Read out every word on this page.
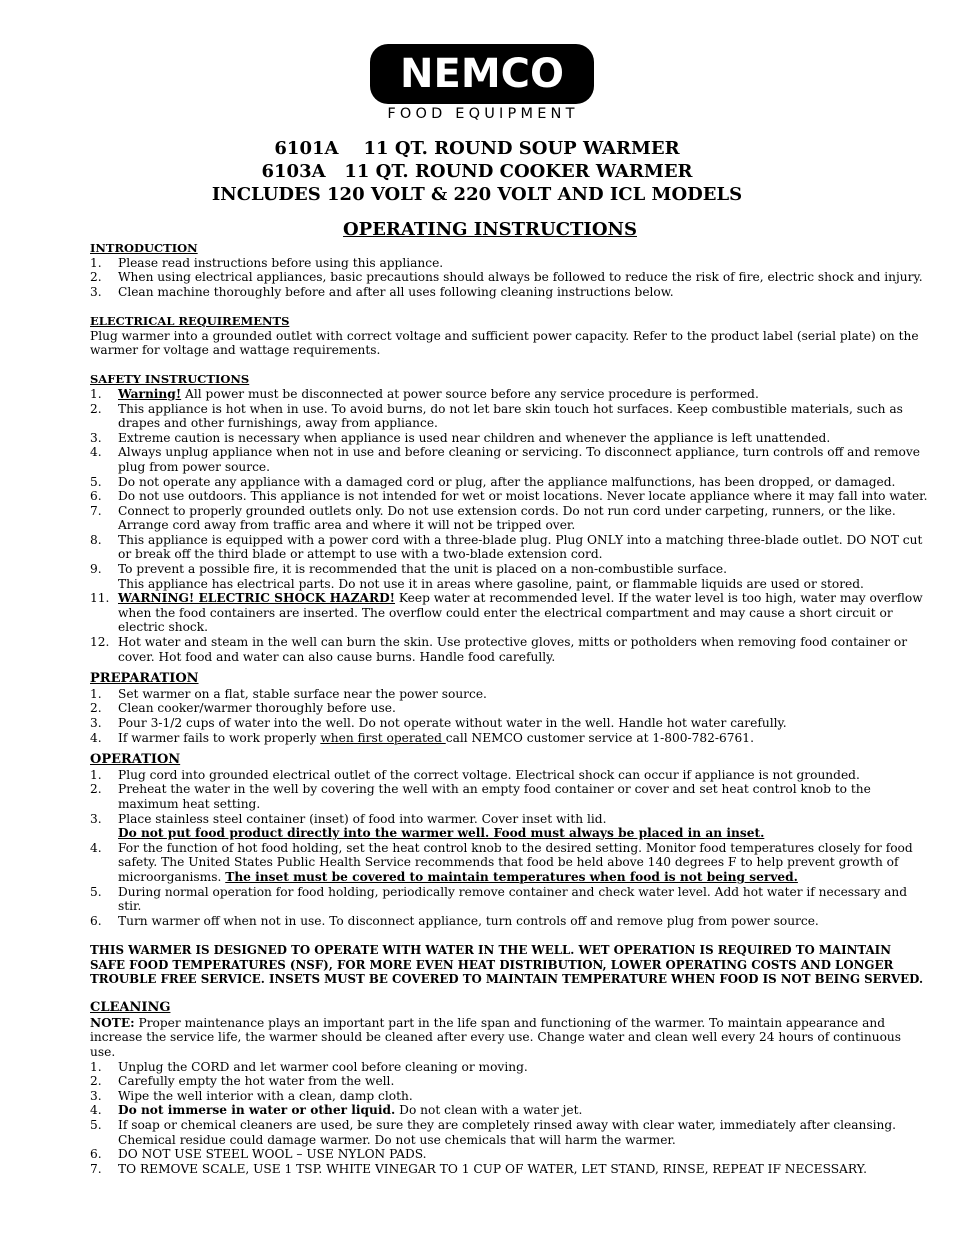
NEMCO
FOOD EQUIPMENT
6101A    11 QT. ROUND SOUP WARMER
6103A   11 QT. ROUND COOKER WARMER
INCLUDES 120 VOLT & 220 VOLT AND ICL MODELS
OPERATING INSTRUCTIONS
INTRODUCTION
1. Please read instructions before using this appliance.
2. When using electrical appliances, basic precautions should always be followed to reduce the risk of fire, electric shock and injury.
3. Clean machine thoroughly before and after all uses following cleaning instructions below.
ELECTRICAL REQUIREMENTS

Plug warmer into a grounded outlet with correct voltage and sufficient power capacity. Refer to the product label (serial plate) on the warmer for voltage and wattage requirements.

SAFETY INSTRUCTIONS
1. Warning! All power must be disconnected at power source before any service procedure is performed.
2. This appliance is hot when in use. To avoid burns, do not let bare skin touch hot surfaces. Keep combustible materials, such as drapes and other furnishings, away from appliance.
3. Extreme caution is necessary when appliance is used near children and whenever the appliance is left unattended.
4. Always unplug appliance when not in use and before cleaning or servicing. To disconnect appliance, turn controls off and remove plug from power source.
5. Do not operate any appliance with a damaged cord or plug, after the appliance malfunctions, has been dropped, or damaged.
6. Do not use outdoors. This appliance is not intended for wet or moist locations. Never locate appliance where it may fall into water.
7. Connect to properly grounded outlets only. Do not use extension cords. Do not run cord under carpeting, runners, or the like. Arrange cord away from traffic area and where it will not be tripped over.
8. This appliance is equipped with a power cord with a three-blade plug. Plug ONLY into a matching three-blade outlet. DO NOT cut or break off the third blade or attempt to use with a two-blade extension cord.
9. To prevent a possible fire, it is recommended that the unit is placed on a non-combustible surface.
This appliance has electrical parts. Do not use it in areas where gasoline, paint, or flammable liquids are used or stored.
11. WARNING! ELECTRIC SHOCK HAZARD! Keep water at recommended level. If the water level is too high, water may overflow when the food containers are inserted. The overflow could enter the electrical compartment and may cause a short circuit or electric shock.
12. Hot water and steam in the well can burn the skin. Use protective gloves, mitts or potholders when removing food container or cover. Hot food and water can also cause burns. Handle food carefully.
PREPARATION
1. Set warmer on a flat, stable surface near the power source.
2. Clean cooker/warmer thoroughly before use.
3. Pour 3-1/2 cups of water into the well. Do not operate without water in the well. Handle hot water carefully.
4. If warmer fails to work properly when first operated call NEMCO customer service at 1-800-782-6761.
OPERATION
1. Plug cord into grounded electrical outlet of the correct voltage. Electrical shock can occur if appliance is not grounded.
2. Preheat the water in the well by covering the well with an empty food container or cover and set heat control knob to the maximum heat setting.
3. Place stainless steel container (inset) of food into warmer. Cover inset with lid.
Do not put food product directly into the warmer well. Food must always be placed in an inset.
4. For the function of hot food holding, set the heat control knob to the desired setting. Monitor food temperatures closely for food safety. The United States Public Health Service recommends that food be held above 140 degrees F to help prevent growth of microorganisms. The inset must be covered to maintain temperatures when food is not being served.
5. During normal operation for food holding, periodically remove container and check water level. Add hot water if necessary and stir.
6. Turn warmer off when not in use. To disconnect appliance, turn controls off and remove plug from power source.

THIS WARMER IS DESIGNED TO OPERATE WITH WATER IN THE WELL. WET OPERATION IS REQUIRED TO MAINTAIN SAFE FOOD TEMPERATURES (NSF), FOR MORE EVEN HEAT DISTRIBUTION, LOWER OPERATING COSTS AND LONGER TROUBLE FREE SERVICE. INSETS MUST BE COVERED TO MAINTAIN TEMPERATURE WHEN FOOD IS NOT BEING SERVED.

CLEANING

NOTE: Proper maintenance plays an important part in the life span and functioning of the warmer. To maintain appearance and increase the service life, the warmer should be cleaned after every use. Change water and clean well every 24 hours of continuous use.

1. Unplug the CORD and let warmer cool before cleaning or moving.
2. Carefully empty the hot water from the well.
3. Wipe the well interior with a clean, damp cloth.
4. Do not immerse in water or other liquid. Do not clean with a water jet.
5. If soap or chemical cleaners are used, be sure they are completely rinsed away with clear water, immediately after cleansing. Chemical residue could damage warmer. Do not use chemicals that will harm the warmer.
6. DO NOT USE STEEL WOOL – USE NYLON PADS.
7. TO REMOVE SCALE, USE 1 TSP. WHITE VINEGAR TO 1 CUP OF WATER, LET STAND, RINSE, REPEAT IF NECESSARY.
